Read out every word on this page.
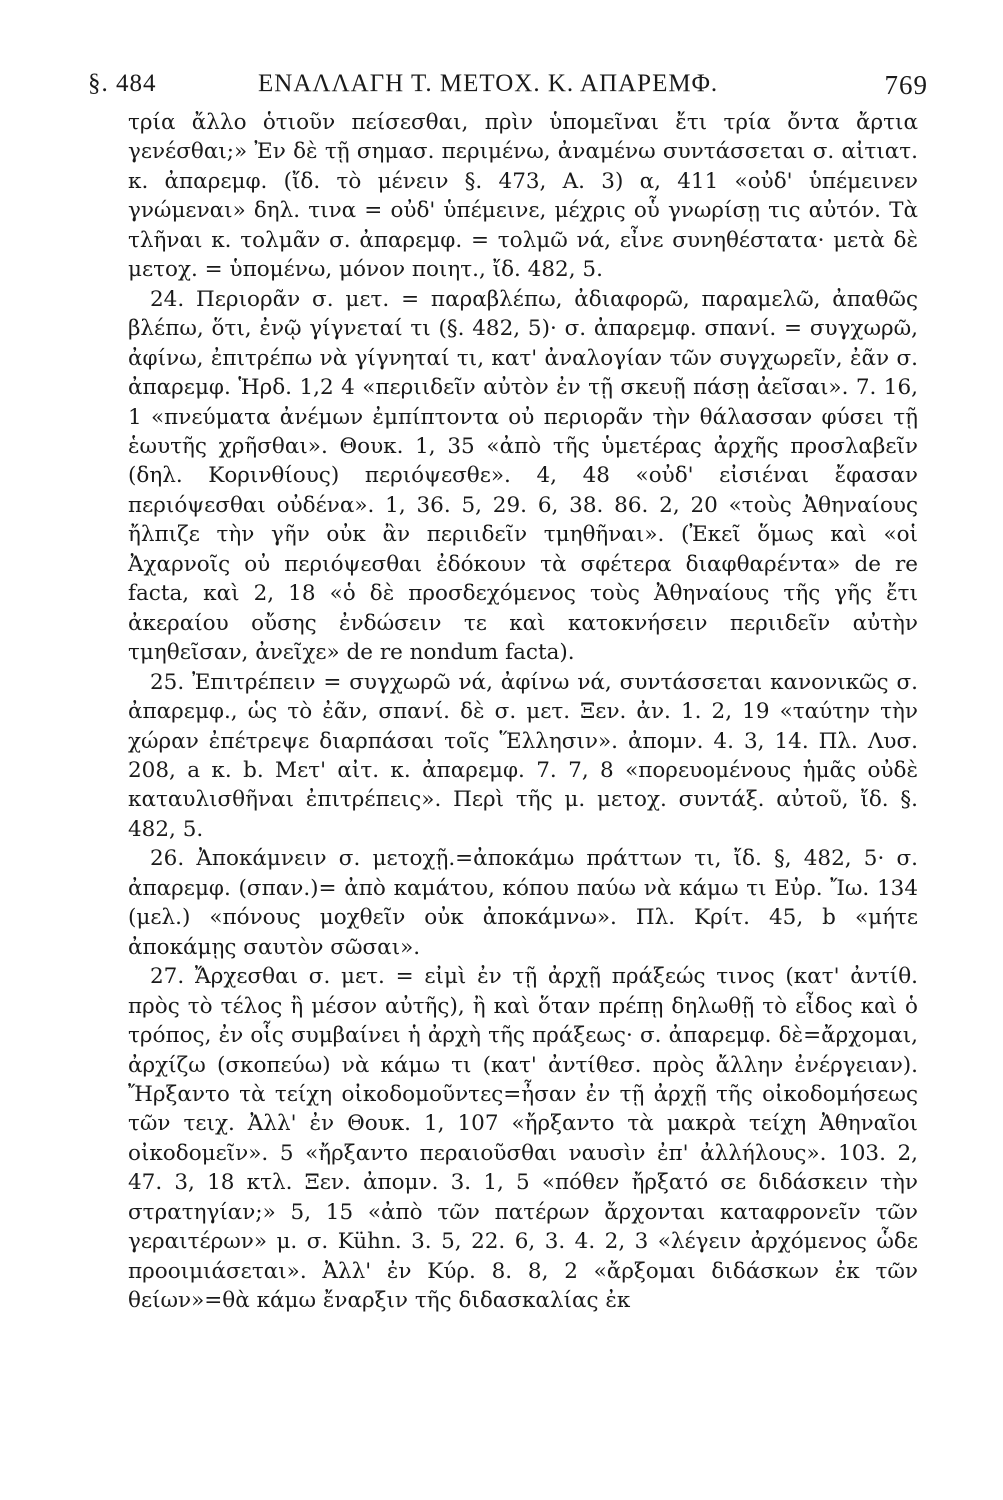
§. 484	ΕΝΑΛΛΑΓΗ Τ. ΜΕΤΟΧ. Κ. ΑΠΑΡΕΜΦ.	769

τρία ἄλλο ὁτιοῦν πείσεσθαι, πρὶν ὑπομεῖναι ἔτι τρία ὄντα ἄρτια γενέσθαι;» Ἐν δὲ τῇ σημασ. περιμένω, ἀναμένω συντάσσεται σ. αἰτιατ. κ. ἀπαρεμφ. (ἴδ. τὸ μένειν §. 473, Α. 3) α, 411 «οὐδ' ὑπέμεινεν γνώμεναι» δηλ. τινα = οὐδ' ὑπέμεινε, μέχρις οὗ γνωρίσῃ τις αὐτόν. Τὰ τλῆναι κ. τολμᾶν σ. ἀπαρεμφ. = τολμῶ νά, εἶνε συνηθέστατα· μετὰ δὲ μετοχ. = ὑπομένω, μόνον ποιητ., ἴδ. 482, 5.

24. Περιορᾶν σ. μετ. = παραβλέπω, ἀδιαφορῶ, παραμελῶ, ἀπαθῶς βλέπω, ὅτι, ἐνῷ γίγνεταί τι (§. 482, 5)· σ. ἀπαρεμφ. σπανί. = συγχωρῶ, ἀφίνω, ἐπιτρέπω νὰ γίγνηταί τι, κατ' ἀναλογίαν τῶν συγχωρεῖν, ἐᾶν σ. ἀπαρεμφ. Ἡρδ. 1,2 4 «περιιδεῖν αὐτὸν ἐν τῇ σκευῇ πάσῃ ἀεῖσαι». 7. 16, 1 «πνεύματα ἀνέμων ἐμπίπτοντα οὐ περιορᾶν τὴν θάλασσαν φύσει τῇ ἑωυτῆς χρῆσθαι». Θουκ. 1, 35 «ἀπὸ τῆς ὑμετέρας ἀρχῆς προσλαβεῖν (δηλ. Κορινθίους) περιόψεσθε». 4, 48 «οὐδ' εἰσιέναι ἔφασαν περιόψεσθαι οὐδένα». 1, 36. 5, 29. 6, 38. 86. 2, 20 «τοὺς Ἀθηναίους ἤλπιζε τὴν γῆν οὐκ ἂν περιιδεῖν τμηθῆναι». (Ἐκεῖ ὅμως καὶ «οἱ Ἀχαρνοῖς οὐ περιόψεσθαι ἐδόκουν τὰ σφέτερα διαφθαρέντα» de re facta, καὶ 2, 18 «ὁ δὲ προσδεχόμενος τοὺς Ἀθηναίους τῆς γῆς ἔτι ἀκεραίου οὔσης ἐνδώσειν τε καὶ κατοκνήσειν περιιδεῖν αὐτὴν τμηθεῖσαν, ἀνεῖχε» de re nondum facta).

25. Ἐπιτρέπειν = συγχωρῶ νά, ἀφίνω νά, συντάσσεται κανονικῶς σ. ἀπαρεμφ., ὡς τὸ ἐᾶν, σπανί. δὲ σ. μετ. Ξεν. ἀν. 1. 2, 19 «ταύτην τὴν χώραν ἐπέτρεψε διαρπάσαι τοῖς Ἕλλησιν». ἀπομν. 4. 3, 14. Πλ. Λυσ. 208, a κ. b. Μετ' αἰτ. κ. ἀπαρεμφ. 7. 7, 8 «πορευομένους ἡμᾶς οὐδὲ καταυλισθῆναι ἐπιτρέπεις». Περὶ τῆς μ. μετοχ. συντάξ. αὐτοῦ, ἴδ. §. 482, 5.

26. Ἀποκάμνειν σ. μετοχῇ.=ἀποκάμω πράττων τι, ἴδ. §, 482, 5· σ. ἀπαρεμφ. (σπαν.)= ἀπὸ καμάτου, κόπου παύω νὰ κάμω τι Εὐρ. Ἴω. 134 (μελ.) «πόνους μοχθεῖν οὐκ ἀποκάμνω». Πλ. Κρίτ. 45, b «μήτε ἀποκάμῃς σαυτὸν σῶσαι».

27. Ἄρχεσθαι σ. μετ. = εἰμὶ ἐν τῇ ἀρχῇ πράξεώς τινος (κατ' ἀντίθ. πρὸς τὸ τέλος ἢ μέσον αὐτῆς), ἢ καὶ ὅταν πρέπῃ δηλωθῇ τὸ εἶδος καὶ ὁ τρόπος, ἐν οἷς συμβαίνει ἡ ἀρχὴ τῆς πράξεως· σ. ἀπαρεμφ. δὲ=ἄρχομαι, ἀρχίζω (σκοπεύω) νὰ κάμω τι (κατ' ἀντίθεσ. πρὸς ἄλλην ἐνέργειαν). Ἤρξαντο τὰ τείχη οἰκοδομοῦντες=ἦσαν ἐν τῇ ἀρχῇ τῆς οἰκοδομήσεως τῶν τειχ. Ἀλλ' ἐν Θουκ. 1, 107 «ἤρξαντο τὰ μακρὰ τείχη Ἀθηναῖοι οἰκοδομεῖν». 5 «ἤρξαντο περαιοῦσθαι ναυσὶν ἐπ' ἀλλήλους». 103. 2, 47. 3, 18 κτλ. Ξεν. ἀπομν. 3. 1, 5 «πόθεν ἤρξατό σε διδάσκειν τὴν στρατηγίαν;» 5, 15 «ἀπὸ τῶν πατέρων ἄρχονται καταφρονεῖν τῶν γεραιτέρων» μ. σ. Kühn. 3. 5, 22. 6, 3. 4. 2, 3 «λέγειν ἀρχόμενος ὧδε προοιμιάσεται». Ἀλλ' ἐν Κύρ. 8. 8, 2 «ἄρξομαι διδάσκων ἐκ τῶν θείων»=θὰ κάμω ἔναρξιν τῆς διδασκαλίας ἐκ
